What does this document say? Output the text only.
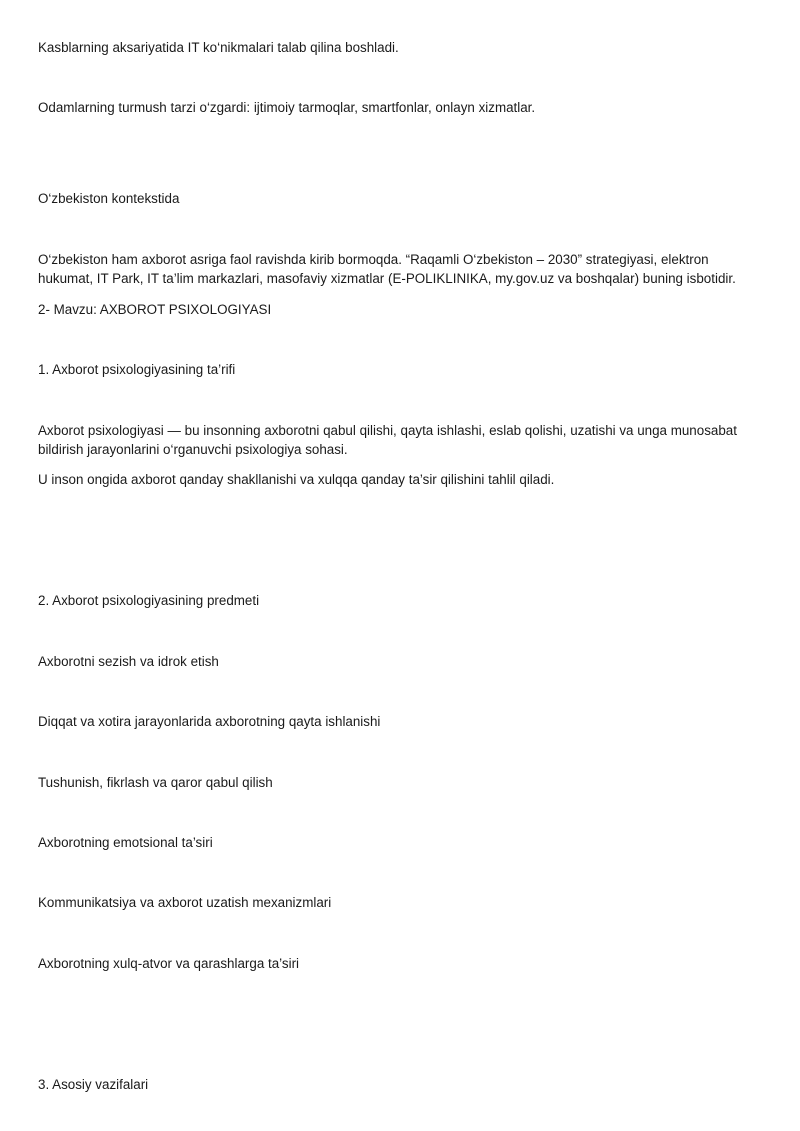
Kasblarning aksariyatida IT ko‘nikmalari talab qilina boshladi.

Odamlarning turmush tarzi o‘zgardi: ijtimoiy tarmoqlar, smartfonlar, onlayn xizmatlar.

O‘zbekiston kontekstida

O‘zbekiston ham axborot asriga faol ravishda kirib bormoqda. “Raqamli O‘zbekiston – 2030” strategiyasi, elektron hukumat, IT Park, IT ta’lim markazlari, masofaviy xizmatlar (E-POLIKLINIKA, my.gov.uz va boshqalar) buning isbotidir.

2- Mavzu: AXBOROT PSIXOLOGIYASI

1. Axborot psixologiyasining ta’rifi

Axborot psixologiyasi — bu insonning axborotni qabul qilishi, qayta ishlashi, eslab qolishi, uzatishi va unga munosabat bildirish jarayonlarini o‘rganuvchi psixologiya sohasi.

U inson ongida axborot qanday shakllanishi va xulqqa qanday ta’sir qilishini tahlil qiladi.

2. Axborot psixologiyasining predmeti

Axborotni sezish va idrok etish

Diqqat va xotira jarayonlarida axborotning qayta ishlanishi

Tushunish, fikrlash va qaror qabul qilish

Axborotning emotsional ta’siri

Kommunikatsiya va axborot uzatish mexanizmlari

Axborotning xulq-atvor va qarashlarga ta’siri

3. Asosiy vazifalari
